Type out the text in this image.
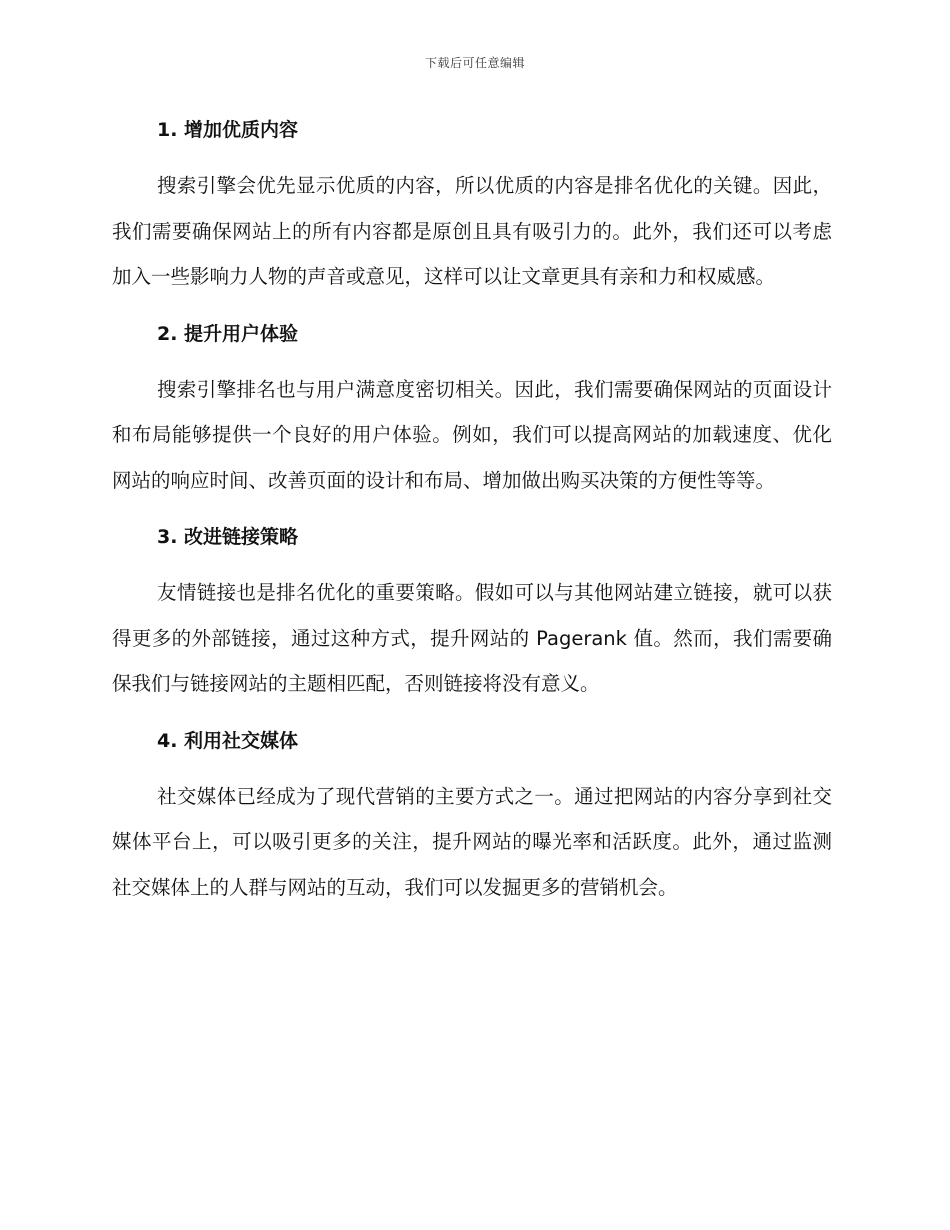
下载后可任意编辑
1. 增加优质内容

搜索引擎会优先显示优质的内容，所以优质的内容是排名优化的关键。因此，我们需要确保网站上的所有内容都是原创且具有吸引力的。此外，我们还可以考虑加入一些影响力人物的声音或意见，这样可以让文章更具有亲和力和权威感。

2. 提升用户体验

搜索引擎排名也与用户满意度密切相关。因此，我们需要确保网站的页面设计和布局能够提供一个良好的用户体验。例如，我们可以提高网站的加载速度、优化网站的响应时间、改善页面的设计和布局、增加做出购买决策的方便性等等。

3. 改进链接策略

友情链接也是排名优化的重要策略。假如可以与其他网站建立链接，就可以获得更多的外部链接，通过这种方式，提升网站的 Pagerank 值。然而，我们需要确保我们与链接网站的主题相匹配，否则链接将没有意义。

4. 利用社交媒体

社交媒体已经成为了现代营销的主要方式之一。通过把网站的内容分享到社交媒体平台上，可以吸引更多的关注，提升网站的曝光率和活跃度。此外，通过监测社交媒体上的人群与网站的互动，我们可以发掘更多的营销机会。
